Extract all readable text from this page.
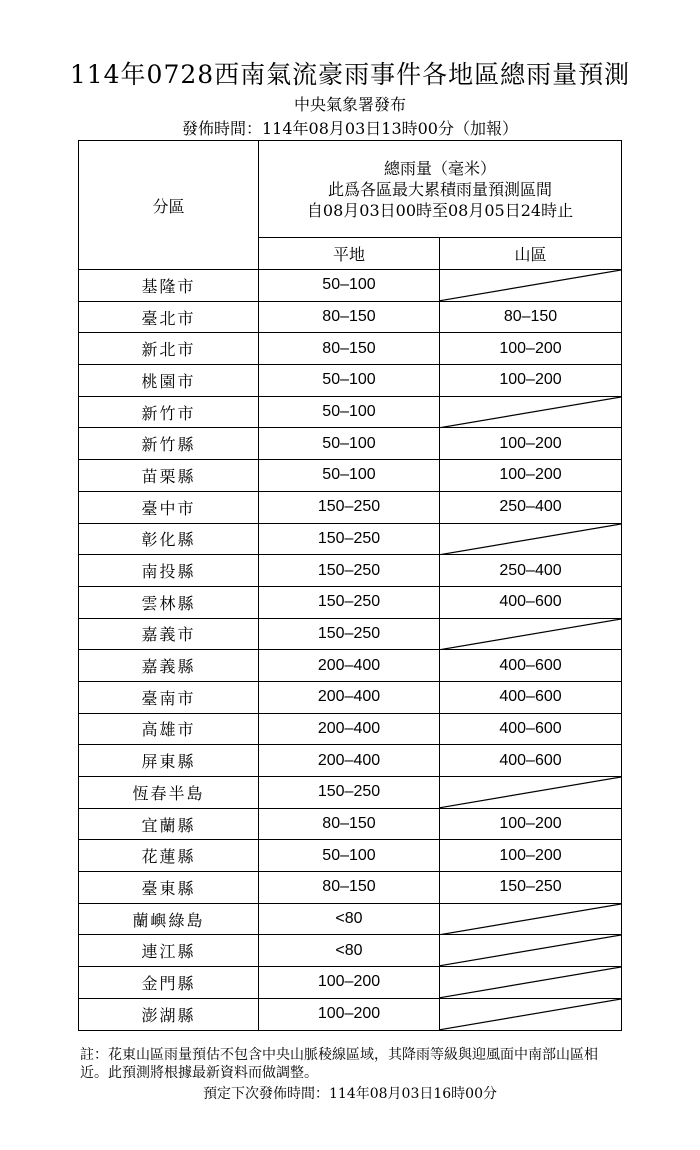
114年0728西南氣流豪雨事件各地區總雨量預測
中央氣象署發布
發佈時間：114年08月03日13時00分（加報）
分區	總雨量（毫米）
此爲各區最大累積雨量預測區間
自08月03日00時至08月05日24時止	

	平地	山區
基隆市	50–100	

臺北市	80–150	80–150
新北市	80–150	100–200
桃園市	50–100	100–200
新竹市	50–100	

新竹縣	50–100	100–200
苗栗縣	50–100	100–200
臺中市	150–250	250–400
彰化縣	150–250	

南投縣	150–250	250–400
雲林縣	150–250	400–600
嘉義市	150–250	

嘉義縣	200–400	400–600
臺南市	200–400	400–600
高雄市	200–400	400–600
屏東縣	200–400	400–600
恆春半島	150–250	

宜蘭縣	80–150	100–200
花蓮縣	50–100	100–200
臺東縣	80–150	150–250
蘭嶼綠島	<80	

連江縣	<80	

金門縣	100–200	

澎湖縣	100–200	
註：花東山區雨量預估不包含中央山脈稜線區域，其降雨等級與迎風面中南部山區相近。此預測將根據最新資料而做調整。
預定下次發佈時間：114年08月03日16時00分
